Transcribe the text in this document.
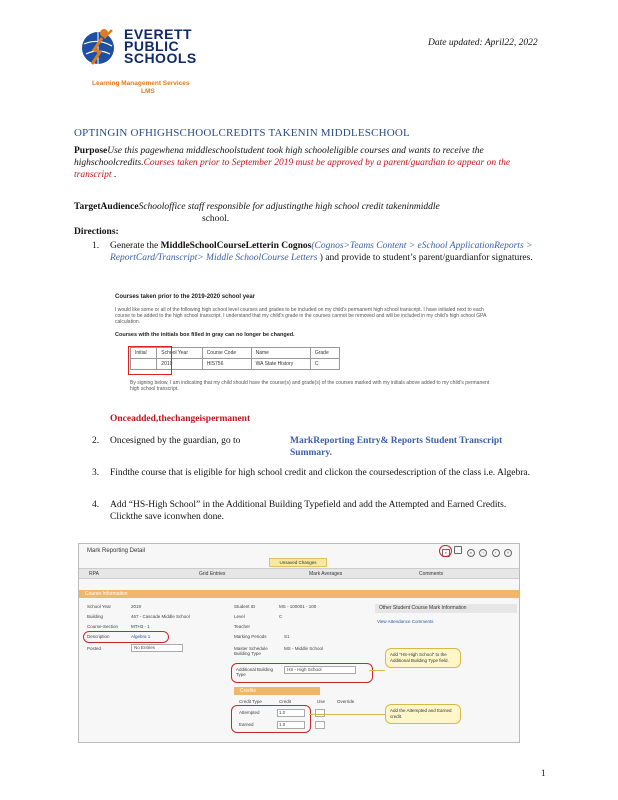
EVERETT
PUBLIC
SCHOOLS
Learning Management Services
LMS
Date updated: April22, 2022
OPTINGIN OFHIGHSCHOOLCREDITS TAKENIN MIDDLESCHOOL
PurposeUse this pagewhena middleschoolstudent took high schooleligible courses and wants to receive the highschoolcredits.Courses taken prior to September 2019 must be approved by a parent/guardian to appear on the transcript .
TargetAudienceSchooloffice staff responsible for adjustingthe high school credit takeninmiddle
school.
Directions:
1. Generate the MiddleSchoolCourseLetterin Cognos(Cognos>Teams Content > eSchool ApplicationReports > ReportCard/Transcript> Middle SchoolCourse Letters ) and provide to student’s parent/guardianfor signatures.
Courses taken prior to the 2019-2020 school year
I would like some or all of the following high school level courses and grades to be included on my child's permanent high school transcript. I have initialed next to each course to be added to the high school transcript. I understand that my child's grade in the courses cannot be removed and will be included in my child's high school GPA calculation.
Courses with the initials box filled in gray can no longer be changed.
Initial	School Year	Course Code	Name	Grade
	2019	HIS756	WA State History	C
By signing below, I am indicating that my child should have the course(s) and grade(s) of the courses marked with my initials above added to my child's permanent high school transcript.
Onceadded,thechangeispermanent
2. Oncesigned by the guardian, go to	MarkReporting Entry& Reports Student Transcript Summary.
3. Findthe course that is eligible for high school credit and clickon the coursedescription of the class i.e. Algebra.
4. Add “HS-High School” in the Additional Building Typefield and add the Attempted and Earned Credits. Clickthe save iconwhen done.
Mark Reporting Detail	▪	⌕	‹	›	˅
Unsaved Changes
RPA	Grid Entries	Mark Averages	Comments
Course Information
School Year	2019
Building	467 - Cascade Middle School
Course-Section	MTH3 - 1
Description	Algebra 1
Posted	No Entries
Student ID	MS - 100001 - 100
Level	C
Teacher
Marking Periods	S1
Master Schedule Building Type
MS - Middle School
Additional Building Type
HS - High School
Credits
Credit Type	Credit	Use	Override
Attempted	1.0
Earned	1.0
Other Student Course Mark Information
View Attendance Comments
Add “HS-High School” to the Additional Building Type field.
Add the Attempted and Earned credit.
1
